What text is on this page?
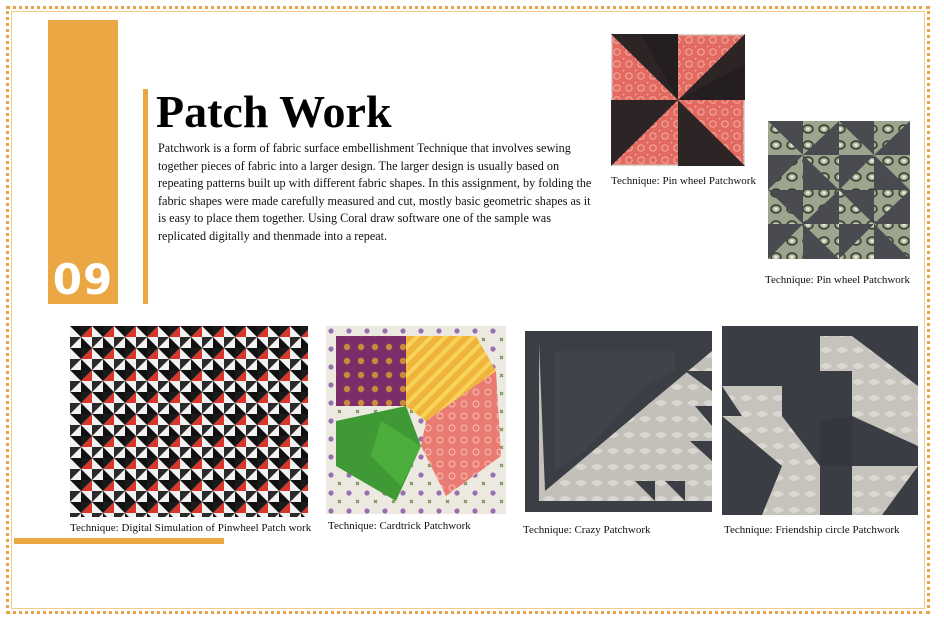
09
Patch Work

Patchwork is a form of fabric surface embellishment Technique that involves sewing together pieces of fabric into a larger design. The larger design is usually based on repeating patterns built up with different fabric shapes. In this assignment, by folding the fabric shapes were made carefully measured and cut, mostly basic geometric shapes as it is easy to place them together. Using Coral draw software one of the sample was replicated digitally and thenmade into a repeat.

Technique: Pin wheel Patchwork
Technique: Pin wheel Patchwork
Technique: Digital Simulation of Pinwheel Patch work Technique: Cardtrick Patchwork	Technique: Crazy Patchwork	Technique: Friendship circle Patchwork
